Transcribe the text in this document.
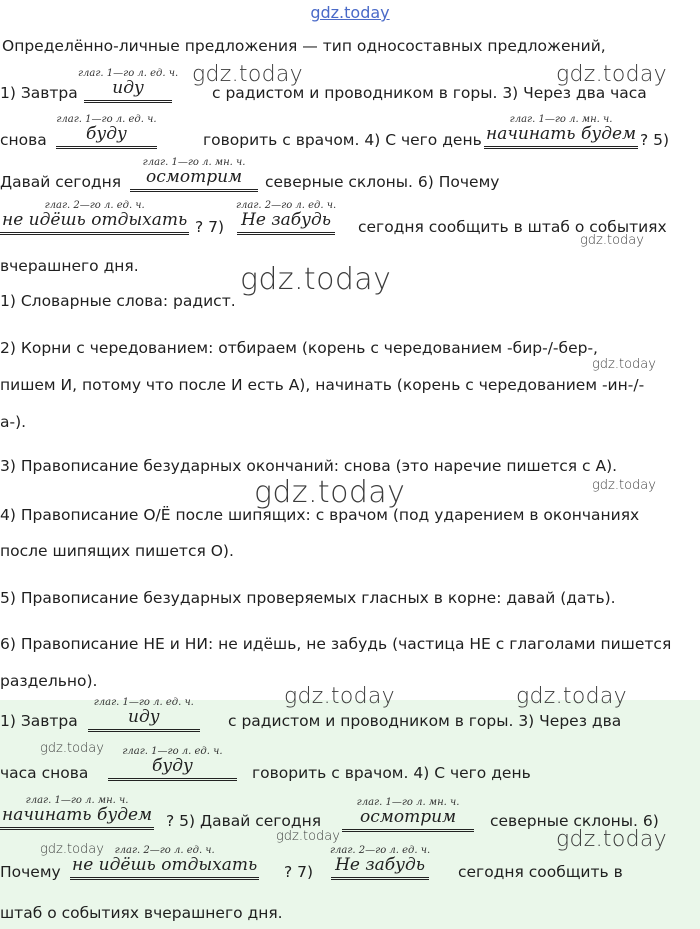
gdz.today
Определённо-личные предложения — тип односоставных предложений,
1) Завтра
глаг. 1—го л. ед. ч.
иду	с радистом и проводником в горы. 3) Через два часа
снова
глаг. 1—го л. ед. ч.
буду	говорить с врачом. 4) С чего день
глаг. 1—го л. мн. ч.
начинать будем ? 5)
Давай сегодня
глаг. 1—го л. мн. ч.
осмотрим	северные склоны. 6) Почему
глаг. 2—го л. ед. ч.
не идёшь отдыхать ? 7)
глаг. 2—го л. ед. ч.
Не забудь	сегодня сообщить в штаб о событиях
вчерашнего дня.
1) Словарные слова: радист.
2) Корни с чередованием: отбираем (корень с чередованием -бир-/-бер-,
пишем И, потому что после И есть А), начинать (корень с чередованием -ин-/-
а-).
3) Правописание безударных окончаний: снова (это наречие пишется с А).
4) Правописание О/Ё после шипящих: с врачом (под ударением в окончаниях
после шипящих пишется О).
5) Правописание безударных проверяемых гласных в корне: давай (дать).
6) Правописание НЕ и НИ: не идёшь, не забудь (частица НЕ с глаголами пишется
раздельно).
1) Завтра
глаг. 1—го л. ед. ч.
иду	с радистом и проводником в горы. 3) Через два
часа снова
глаг. 1—го л. ед. ч.
буду	говорить с врачом. 4) С чего день
глаг. 1—го л. мн. ч.
начинать будем ? 5) Давай сегодня
глаг. 1—го л. мн. ч.
осмотрим	северные склоны. 6)
Почему
глаг. 2—го л. ед. ч.
не идёшь отдыхать ? 7)
глаг. 2—го л. ед. ч.
Не забудь	сегодня сообщить в
штаб о событиях вчерашнего дня.
gdz.today	gdz.today
gdz.today
gdz.today
gdz.today
gdz.today	gdz.today
gdz.today	gdz.today
gdz.today
gdz.today	gdz.today
gdz.today
